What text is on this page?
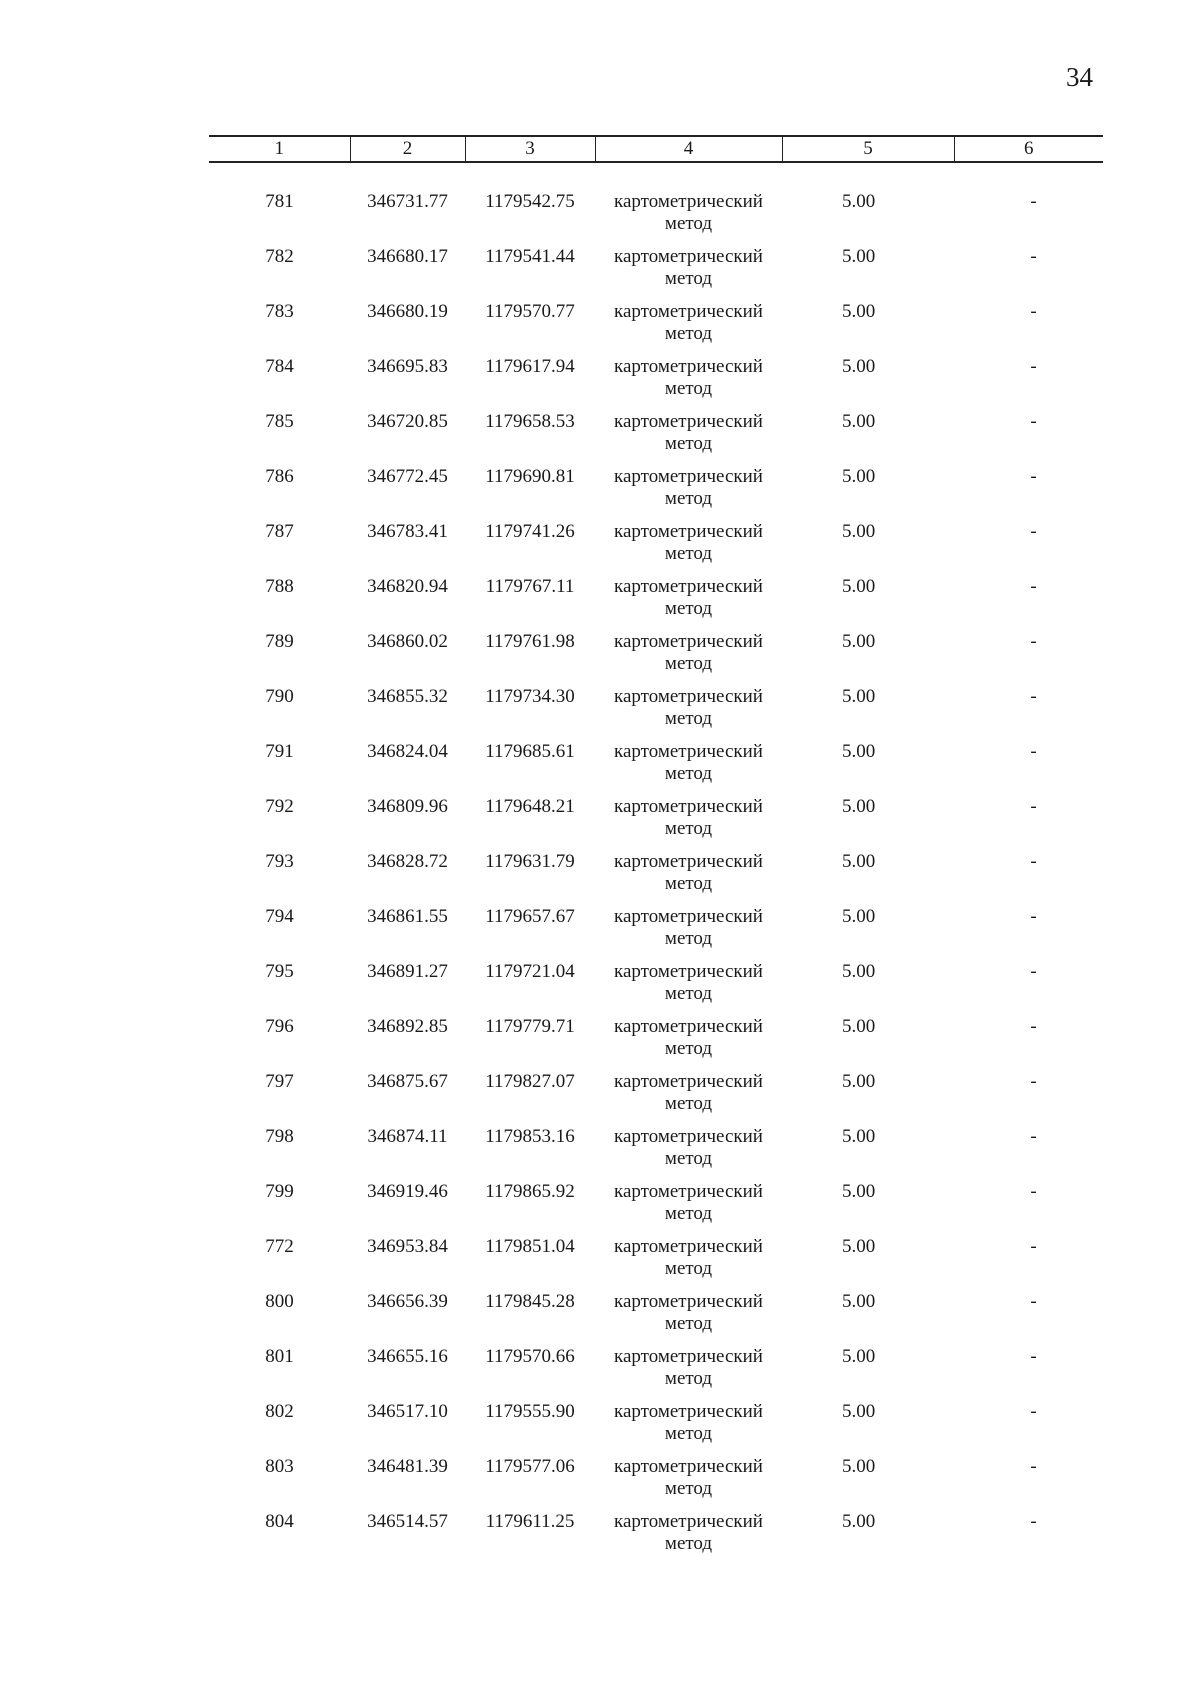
34
1	2	3	4	5	6

781	346731.77	1179542.75	картометрический
метод	5.00	-
782	346680.17	1179541.44	картометрический
метод	5.00	-
783	346680.19	1179570.77	картометрический
метод	5.00	-
784	346695.83	1179617.94	картометрический
метод	5.00	-
785	346720.85	1179658.53	картометрический
метод	5.00	-
786	346772.45	1179690.81	картометрический
метод	5.00	-
787	346783.41	1179741.26	картометрический
метод	5.00	-
788	346820.94	1179767.11	картометрический
метод	5.00	-
789	346860.02	1179761.98	картометрический
метод	5.00	-
790	346855.32	1179734.30	картометрический
метод	5.00	-
791	346824.04	1179685.61	картометрический
метод	5.00	-
792	346809.96	1179648.21	картометрический
метод	5.00	-
793	346828.72	1179631.79	картометрический
метод	5.00	-
794	346861.55	1179657.67	картометрический
метод	5.00	-
795	346891.27	1179721.04	картометрический
метод	5.00	-
796	346892.85	1179779.71	картометрический
метод	5.00	-
797	346875.67	1179827.07	картометрический
метод	5.00	-
798	346874.11	1179853.16	картометрический
метод	5.00	-
799	346919.46	1179865.92	картометрический
метод	5.00	-
772	346953.84	1179851.04	картометрический
метод	5.00	-
800	346656.39	1179845.28	картометрический
метод	5.00	-
801	346655.16	1179570.66	картометрический
метод	5.00	-
802	346517.10	1179555.90	картометрический
метод	5.00	-
803	346481.39	1179577.06	картометрический
метод	5.00	-
804	346514.57	1179611.25	картометрический
метод	5.00	-
